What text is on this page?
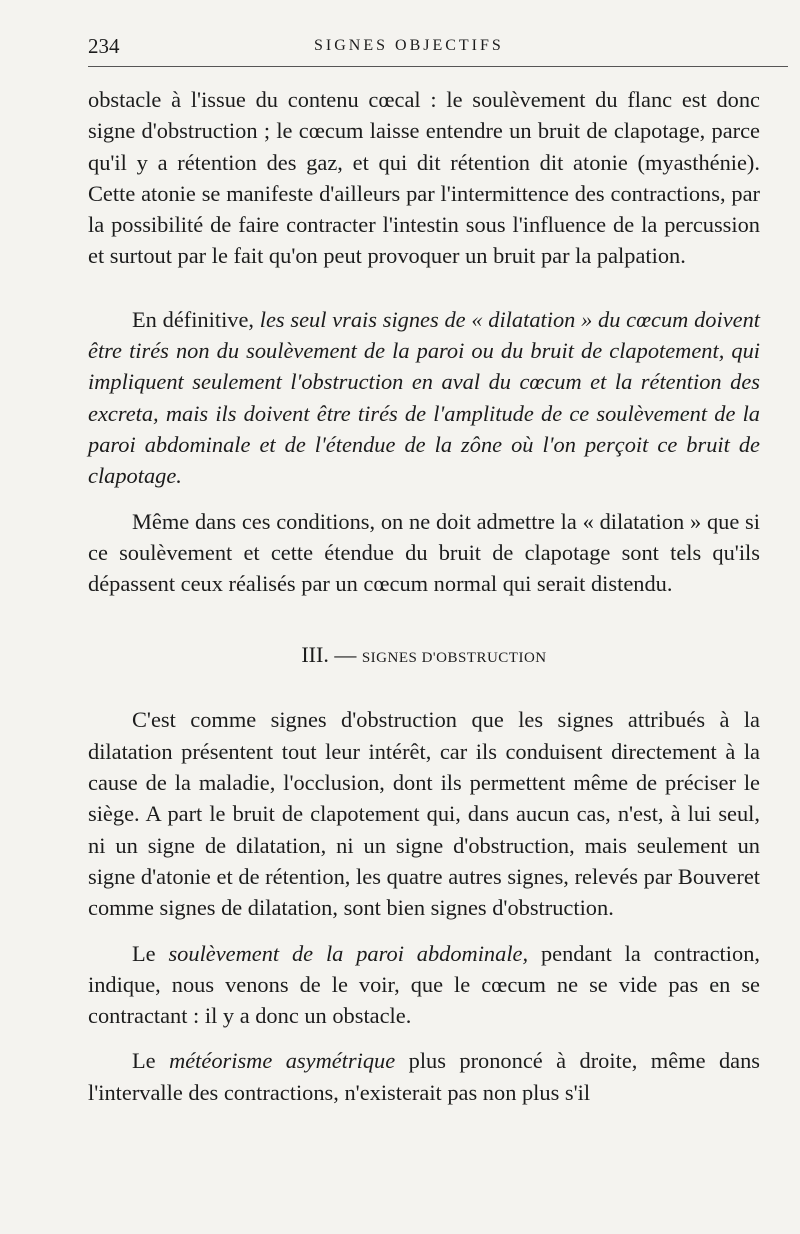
234	SIGNES OBJECTIFS

obstacle à l'issue du contenu cœcal : le soulèvement du flanc est donc signe d'obstruction ; le cœcum laisse entendre un bruit de clapotage, parce qu'il y a rétention des gaz, et qui dit rétention dit atonie (myasthénie). Cette atonie se manifeste d'ailleurs par l'intermittence des contractions, par la possibilité de faire contracter l'intestin sous l'influence de la percussion et surtout par le fait qu'on peut provoquer un bruit par la palpation.

En définitive, les seul vrais signes de « dilatation » du cœcum doivent être tirés non du soulèvement de la paroi ou du bruit de clapotement, qui impliquent seulement l'obstruction en aval du cœcum et la rétention des excreta, mais ils doivent être tirés de l'amplitude de ce soulèvement de la paroi abdominale et de l'étendue de la zône où l'on perçoit ce bruit de clapotage.

Même dans ces conditions, on ne doit admettre la « dilatation » que si ce soulèvement et cette étendue du bruit de clapotage sont tels qu'ils dépassent ceux réalisés par un cœcum normal qui serait distendu.

III. — SIGNES D'OBSTRUCTION

C'est comme signes d'obstruction que les signes attribués à la dilatation présentent tout leur intérêt, car ils conduisent directement à la cause de la maladie, l'occlusion, dont ils permettent même de préciser le siège. A part le bruit de clapotement qui, dans aucun cas, n'est, à lui seul, ni un signe de dilatation, ni un signe d'obstruction, mais seulement un signe d'atonie et de rétention, les quatre autres signes, relevés par Bouveret comme signes de dilatation, sont bien signes d'obstruction.

Le soulèvement de la paroi abdominale, pendant la contraction, indique, nous venons de le voir, que le cœcum ne se vide pas en se contractant : il y a donc un obstacle.

Le météorisme asymétrique plus prononcé à droite, même dans l'intervalle des contractions, n'existerait pas non plus s'il
